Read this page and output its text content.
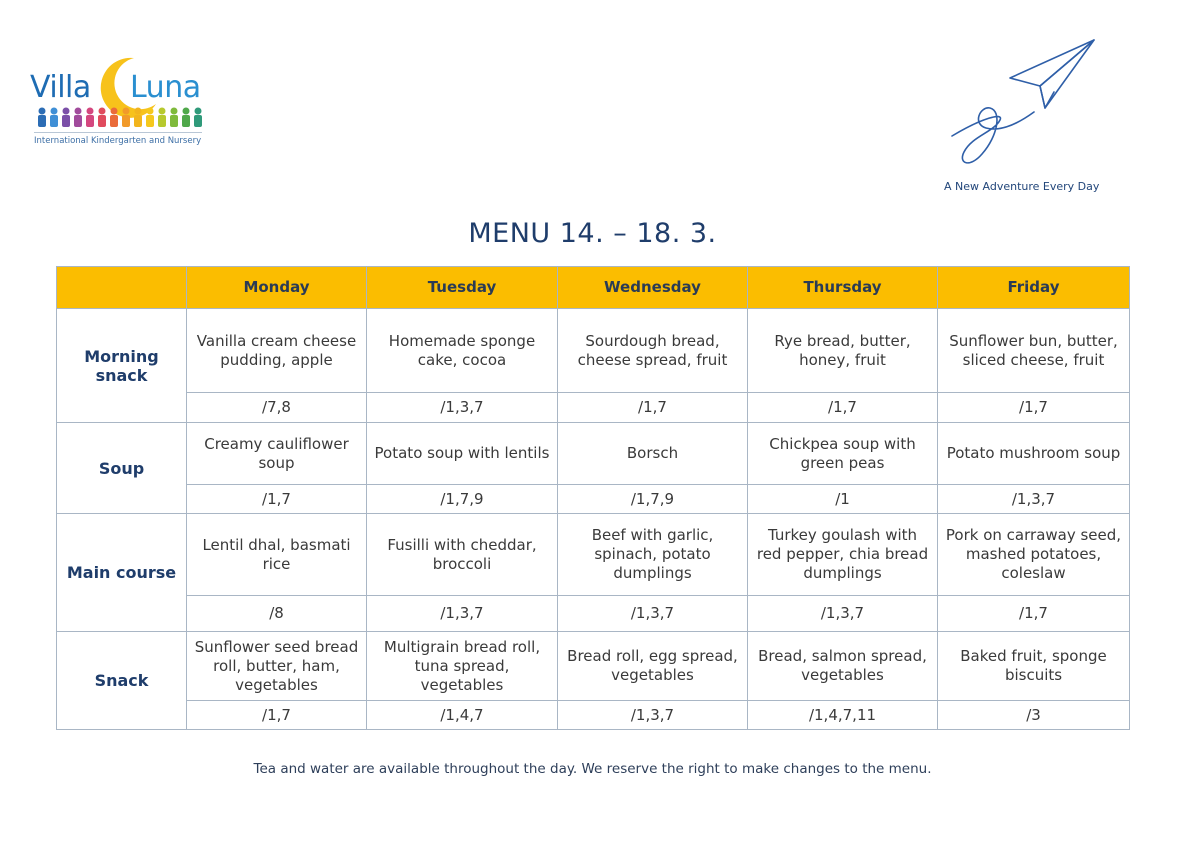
Villa Luna
International Kindergarten and Nursery
A New Adventure Every Day
MENU 14. – 18. 3.
	Monday	Tuesday	Wednesday	Thursday	Friday
Morning snack	Vanilla cream cheese pudding, apple	Homemade sponge cake, cocoa	Sourdough bread, cheese spread, fruit	Rye bread, butter, honey, fruit	Sunflower bun, butter, sliced cheese, fruit
	/7,8	/1,3,7	/1,7	/1,7	/1,7
Soup	Creamy cauliflower soup	Potato soup with lentils	Borsch	Chickpea soup with green peas	Potato mushroom soup
	/1,7	/1,7,9	/1,7,9	/1	/1,3,7
Main course	Lentil dhal, basmati rice	Fusilli with cheddar, broccoli	Beef with garlic, spinach, potato dumplings	Turkey goulash with red pepper, chia bread dumplings	Pork on carraway seed, mashed potatoes, coleslaw
	/8	/1,3,7	/1,3,7	/1,3,7	/1,7
Snack	Sunflower seed bread roll, butter, ham, vegetables	Multigrain bread roll, tuna spread, vegetables	Bread roll, egg spread, vegetables	Bread, salmon spread, vegetables	Baked fruit, sponge biscuits
	/1,7	/1,4,7	/1,3,7	/1,4,7,11	/3
Tea and water are available throughout the day. We reserve the right to make changes to the menu.
